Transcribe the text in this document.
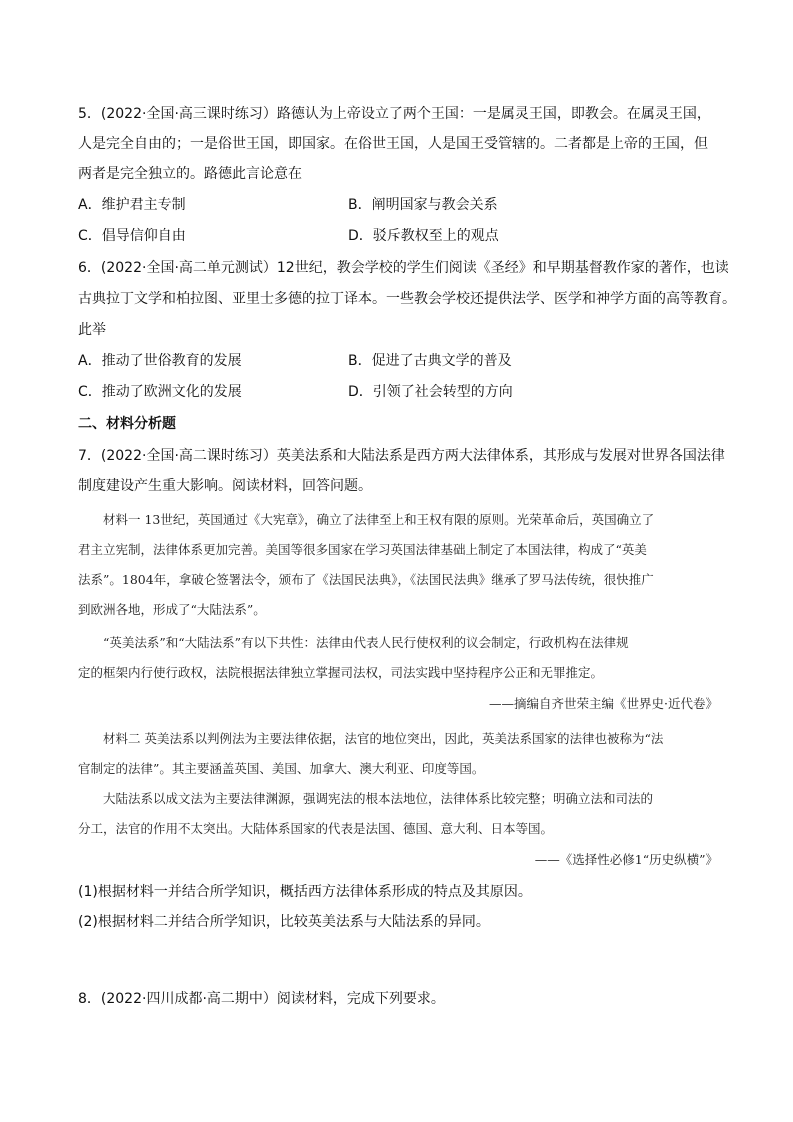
5．(2022·全国·高三课时练习）路德认为上帝设立了两个王国：一是属灵王国，即教会。在属灵王国，
人是完全自由的；一是俗世王国，即国家。在俗世王国，人是国王受管辖的。二者都是上帝的王国，但
两者是完全独立的。路德此言论意在
A．维护君主专制	B．阐明国家与教会关系
C．倡导信仰自由	D．驳斥教权至上的观点
6．(2022·全国·高二单元测试）12世纪，教会学校的学生们阅读《圣经》和早期基督教作家的著作，也读
古典拉丁文学和柏拉图、亚里士多德的拉丁译本。一些教会学校还提供法学、医学和神学方面的高等教育。
此举
A．推动了世俗教育的发展	B．促进了古典文学的普及
C．推动了欧洲文化的发展	D．引领了社会转型的方向
二、材料分析题
7．(2022·全国·高二课时练习）英美法系和大陆法系是西方两大法律体系，其形成与发展对世界各国法律
制度建设产生重大影响。阅读材料，回答问题。
材料一 13世纪，英国通过《大宪章》，确立了法律至上和王权有限的原则。光荣革命后，英国确立了
君主立宪制，法律体系更加完善。美国等很多国家在学习英国法律基础上制定了本国法律，构成了“英美
法系”。1804年，拿破仑签署法令，颁布了《法国民法典》，《法国民法典》继承了罗马法传统，很快推广
到欧洲各地，形成了“大陆法系”。
“英美法系”和“大陆法系”有以下共性：法律由代表人民行使权利的议会制定，行政机构在法律规
定的框架内行使行政权，法院根据法律独立掌握司法权，司法实践中坚持程序公正和无罪推定。
——摘编自齐世荣主编《世界史·近代卷》
材料二 英美法系以判例法为主要法律依据，法官的地位突出，因此，英美法系国家的法律也被称为“法
官制定的法律”。其主要涵盖英国、美国、加拿大、澳大利亚、印度等国。
大陆法系以成文法为主要法律渊源，强调宪法的根本法地位，法律体系比较完整；明确立法和司法的
分工，法官的作用不太突出。大陆体系国家的代表是法国、德国、意大利、日本等国。
——《选择性必修1“历史纵横”》
(1)根据材料一并结合所学知识，概括西方法律体系形成的特点及其原因。
(2)根据材料二并结合所学知识，比较英美法系与大陆法系的异同。
8．(2022·四川成都·高二期中）阅读材料，完成下列要求。
